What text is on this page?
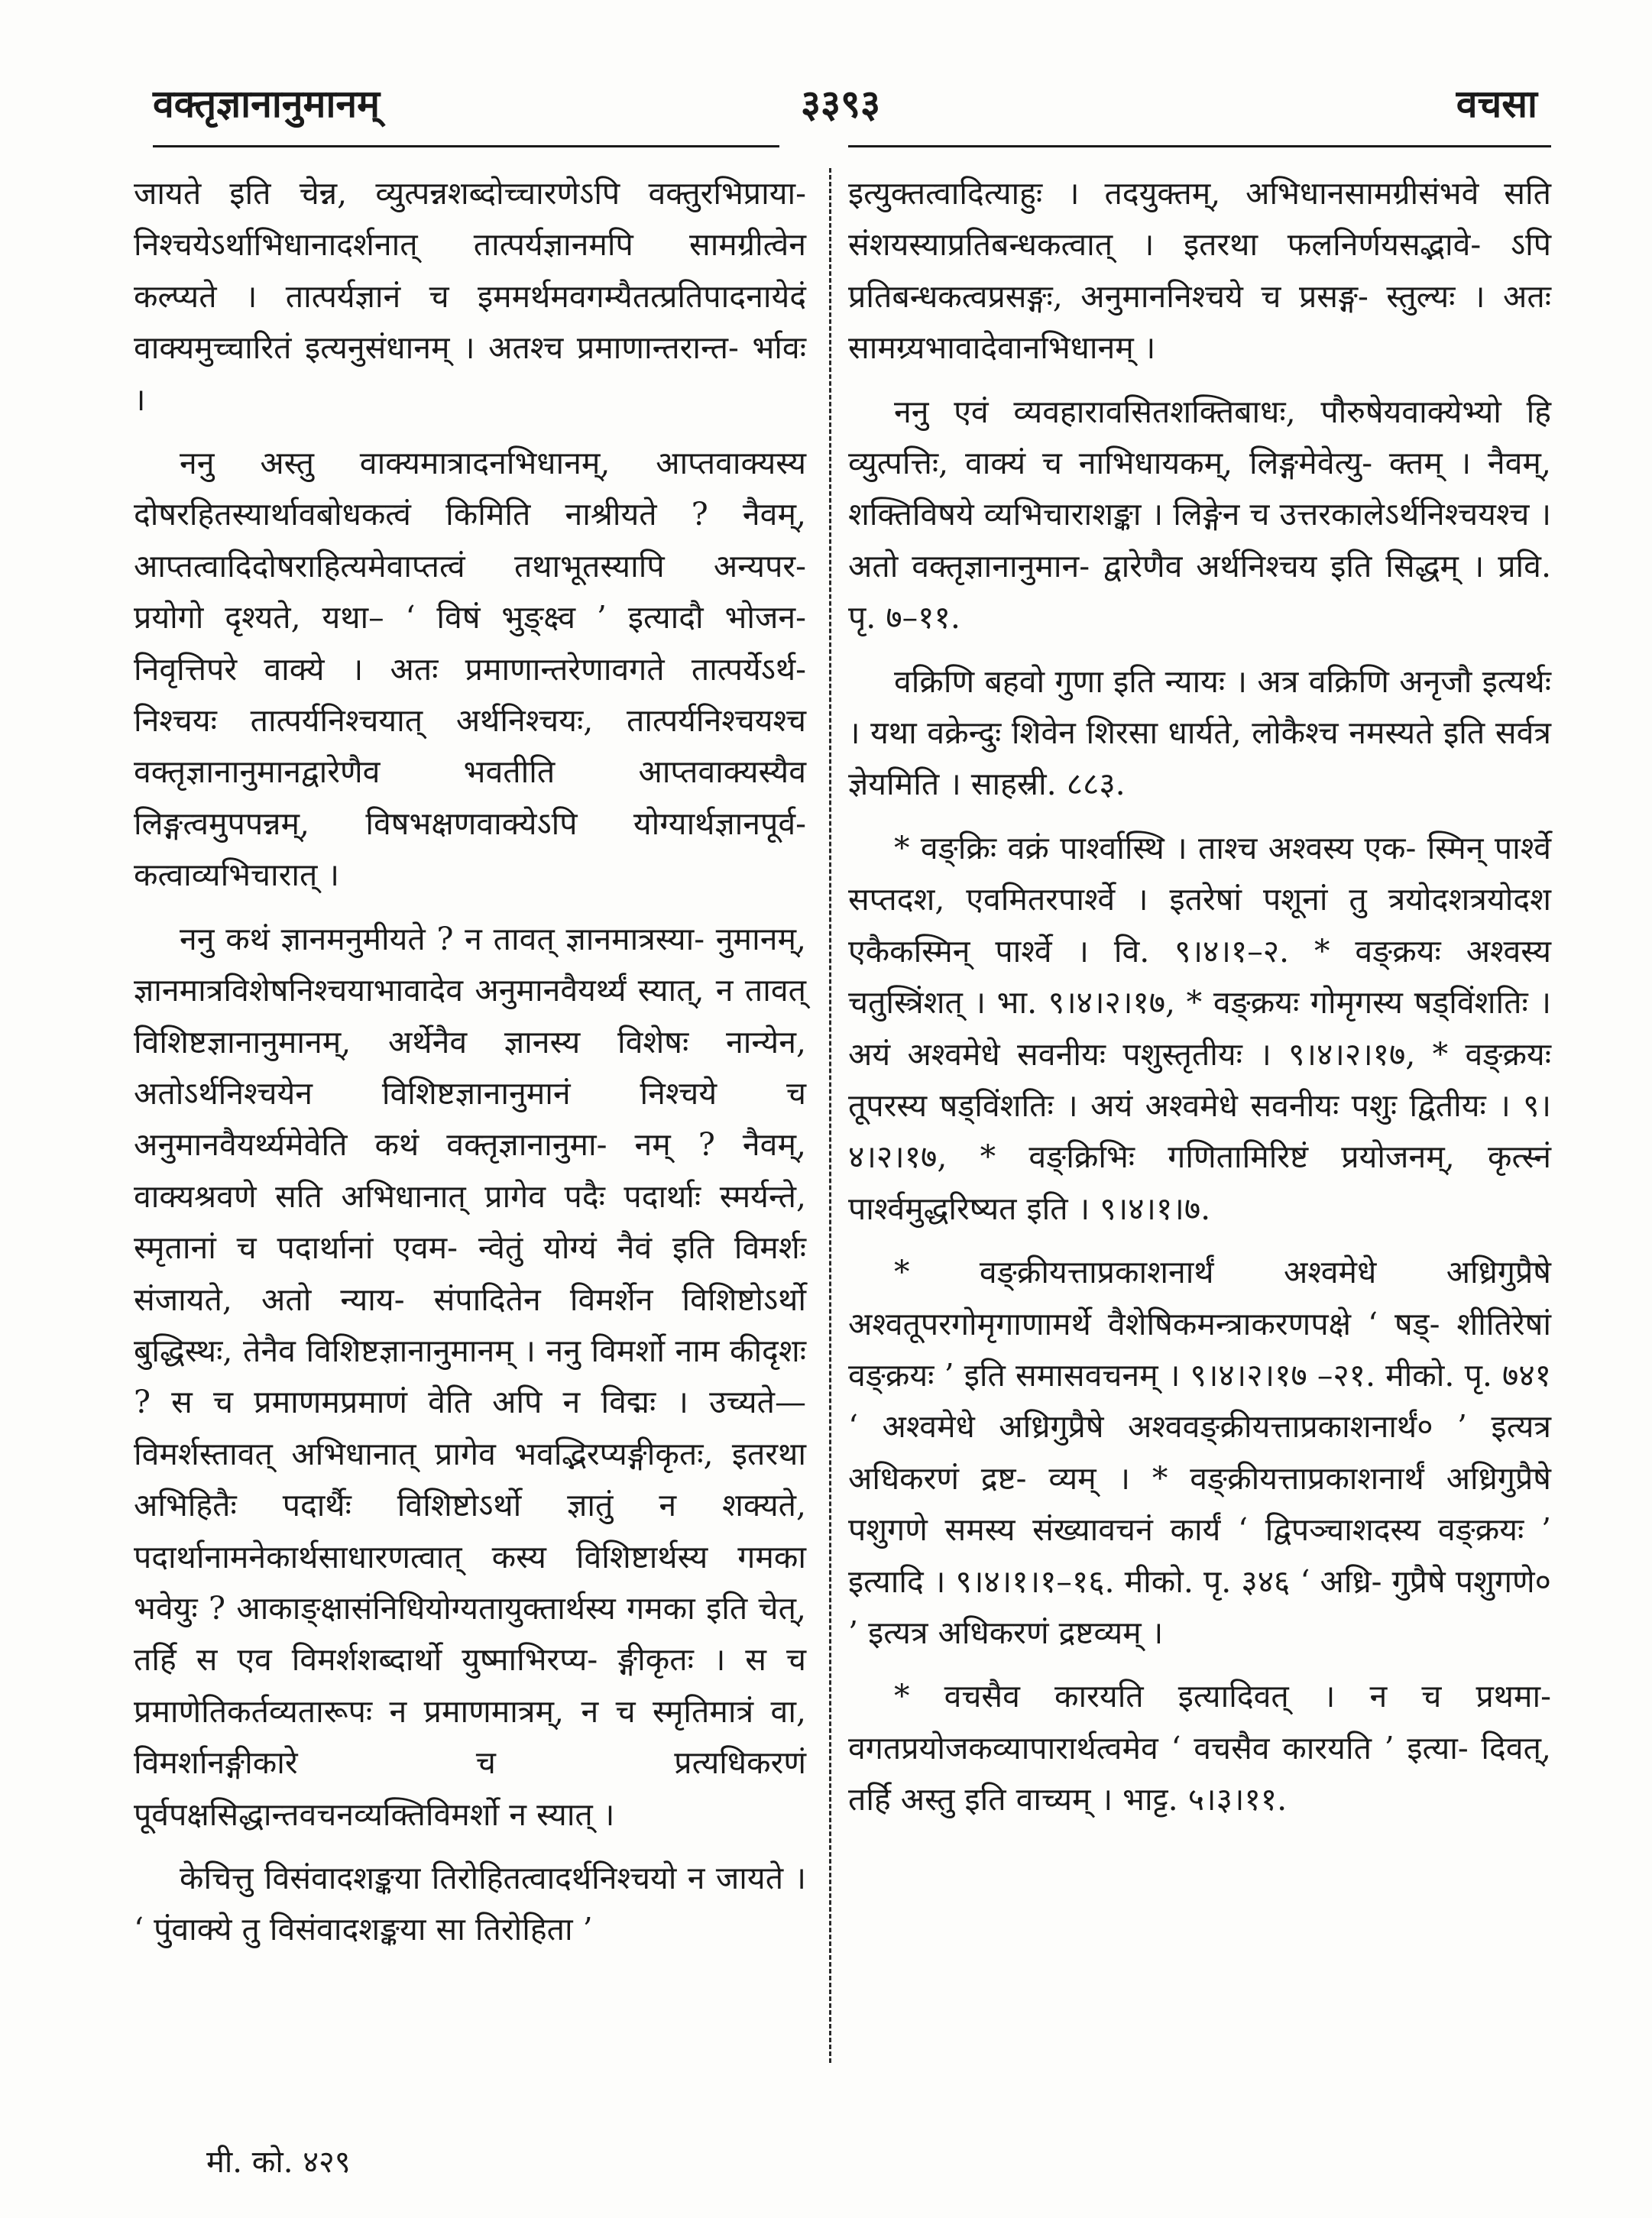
वक्तृज्ञानानुमानम्	३३९३	वचसा

जायते इति चेन्न, व्युत्पन्नशब्दोच्चारणेऽपि वक्तुरभिप्राया- निश्चयेऽर्थाभिधानादर्शनात् तात्पर्यज्ञानमपि सामग्रीत्वेन कल्प्यते । तात्पर्यज्ञानं च इममर्थमवगम्यैतत्प्रतिपादनायेदं वाक्यमुच्चारितं इत्यनुसंधानम् । अतश्च प्रमाणान्तरान्त- र्भावः ।

ननु अस्तु वाक्यमात्रादनभिधानम्, आप्तवाक्यस्य दोषरहितस्यार्थावबोधकत्वं किमिति नाश्रीयते ? नैवम्, आप्तत्वादिदोषराहित्यमेवाप्तत्वं तथाभूतस्यापि अन्यपर- प्रयोगो दृश्यते, यथा– ‘ विषं भुङ्क्ष्व ’ इत्यादौ भोजन- निवृत्तिपरे वाक्ये । अतः प्रमाणान्तरेणावगते तात्पर्येऽर्थ- निश्चयः तात्पर्यनिश्चयात् अर्थनिश्चयः, तात्पर्यनिश्चयश्च वक्तृज्ञानानुमानद्वारेणैव भवतीति आप्तवाक्यस्यैव लिङ्गत्वमुपपन्नम्, विषभक्षणवाक्येऽपि योग्यार्थज्ञानपूर्व- कत्वाव्यभिचारात् ।

ननु कथं ज्ञानमनुमीयते ? न तावत् ज्ञानमात्रस्या- नुमानम्, ज्ञानमात्रविशेषनिश्चयाभावादेव अनुमानवैयर्थ्यं स्यात्, न तावत् विशिष्टज्ञानानुमानम्, अर्थेनैव ज्ञानस्य विशेषः नान्येन, अतोऽर्थनिश्चयेन विशिष्टज्ञानानुमानं निश्चये च अनुमानवैयर्थ्यमेवेति कथं वक्तृज्ञानानुमा- नम् ? नैवम्, वाक्यश्रवणे सति अभिधानात् प्रागेव पदैः पदार्थाः स्मर्यन्ते, स्मृतानां च पदार्थानां एवम- न्वेतुं योग्यं नैवं इति विमर्शः संजायते, अतो न्याय- संपादितेन विमर्शेन विशिष्टोऽर्थो बुद्धिस्थः, तेनैव विशिष्टज्ञानानुमानम् । ननु विमर्शो नाम कीदृशः ? स च प्रमाणमप्रमाणं वेति अपि न विद्मः । उच्यते— विमर्शस्तावत् अभिधानात् प्रागेव भवद्भिरप्यङ्गीकृतः, इतरथा अभिहितैः पदार्थैः विशिष्टोऽर्थो ज्ञातुं न शक्यते, पदार्थानामनेकार्थसाधारणत्वात् कस्य विशिष्टार्थस्य गमका भवेयुः ? आकाङ्क्षासंनिधियोग्यतायुक्तार्थस्य गमका इति चेत्, तर्हि स एव विमर्शशब्दार्थो युष्माभिरप्य- ङ्गीकृतः । स च प्रमाणेतिकर्तव्यतारूपः न प्रमाणमात्रम्, न च स्मृतिमात्रं वा, विमर्शानङ्गीकारे च प्रत्यधिकरणं पूर्वपक्षसिद्धान्तवचनव्यक्तिविमर्शो न स्यात् ।

केचित्तु विसंवादशङ्कया तिरोहितत्वादर्थनिश्चयो न जायते । ‘ पुंवाक्ये तु विसंवादशङ्कया सा तिरोहिता ’

इत्युक्तत्वादित्याहुः । तदयुक्तम्, अभिधानसामग्रीसंभवे सति संशयस्याप्रतिबन्धकत्वात् । इतरथा फलनिर्णयसद्भावे- ऽपि प्रतिबन्धकत्वप्रसङ्गः, अनुमाननिश्चये च प्रसङ्ग- स्तुल्यः । अतः सामग्र्यभावादेवानभिधानम् ।

ननु एवं व्यवहारावसितशक्तिबाधः, पौरुषेयवाक्येभ्यो हि व्युत्पत्तिः, वाक्यं च नाभिधायकम्, लिङ्गमेवेत्यु- क्तम् । नैवम्, शक्तिविषये व्यभिचाराशङ्का । लिङ्गेन च उत्तरकालेऽर्थनिश्चयश्च । अतो वक्तृज्ञानानुमान- द्वारेणैव अर्थनिश्चय इति सिद्धम् । प्रवि. पृ. ७–११.

वक्रिणि बहवो गुणा इति न्यायः । अत्र वक्रिणि अनृजौ इत्यर्थः । यथा वक्रेन्दुः शिवेन शिरसा धार्यते, लोकैश्च नमस्यते इति सर्वत्र ज्ञेयमिति । साहस्री. ८८३.

* वङ्क्रिः वक्रं पार्श्वास्थि । ताश्च अश्वस्य एक- स्मिन् पार्श्वे सप्तदश, एवमितरपार्श्वे । इतरेषां पशूनां तु त्रयोदशत्रयोदश एकैकस्मिन् पार्श्वे । वि. ९।४।१–२. * वङ्क्रयः अश्वस्य चतुस्त्रिंशत् । भा. ९।४।२।१७, * वङ्क्रयः गोमृगस्य षड्विंशतिः । अयं अश्वमेधे सवनीयः पशुस्तृतीयः । ९।४।२।१७, * वङ्क्रयः तूपरस्य षड्विंशतिः । अयं अश्वमेधे सवनीयः पशुः द्वितीयः । ९।४।२।१७, * वङ्क्रिभिः गणितामिरिष्टं प्रयोजनम्, कृत्स्नं पार्श्वमुद्धरिष्यत इति । ९।४।१।७.

* वङ्क्रीयत्ताप्रकाशनार्थं अश्वमेधे अध्रिगुप्रैषे अश्वतूपरगोमृगाणामर्थे वैशेषिकमन्त्राकरणपक्षे ‘ षड्- शीतिरेषां वङ्क्रयः ’ इति समासवचनम् । ९।४।२।१७ –२१. मीको. पृ. ७४१ ‘ अश्वमेधे अध्रिगुप्रैषे अश्ववङ्क्रीयत्ताप्रकाशनार्थं० ’ इत्यत्र अधिकरणं द्रष्ट- व्यम् । * वङ्क्रीयत्ताप्रकाशनार्थं अध्रिगुप्रैषे पशुगणे समस्य संख्यावचनं कार्यं ‘ द्विपञ्चाशदस्य वङ्क्रयः ’ इत्यादि । ९।४।१।१–१६. मीको. पृ. ३४६ ‘ अध्रि- गुप्रैषे पशुगणे० ’ इत्यत्र अधिकरणं द्रष्टव्यम् ।

* वचसैव कारयति इत्यादिवत् । न च प्रथमा- वगतप्रयोजकव्यापारार्थत्वमेव ‘ वचसैव कारयति ’ इत्या- दिवत्, तर्हि अस्तु इति वाच्यम् । भाट्ट. ५।३।११.

मी. को. ४२९
